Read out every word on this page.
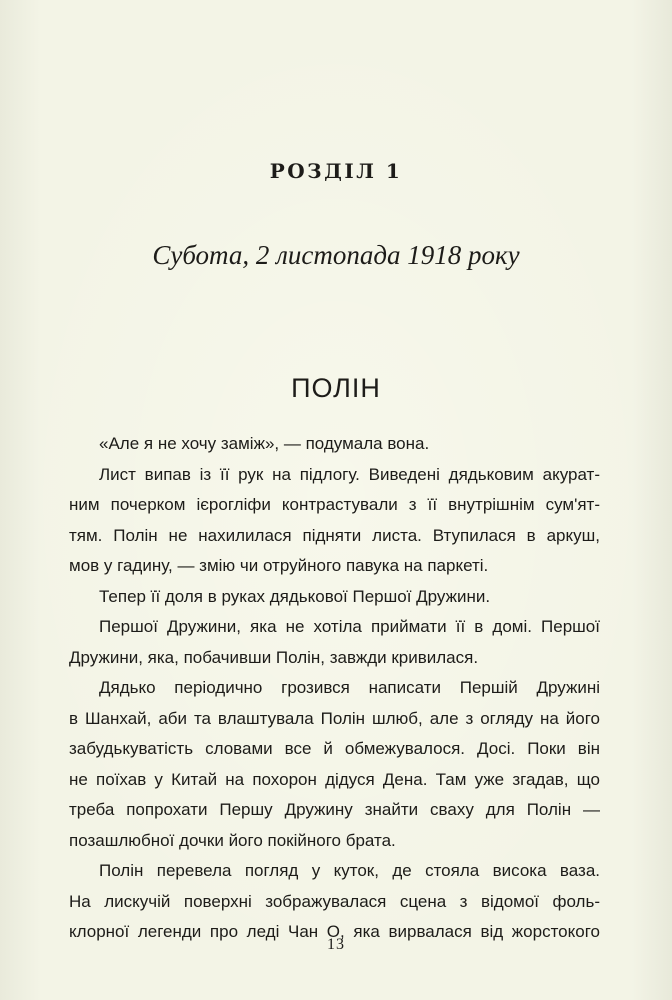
РОЗДІЛ 1
Субота, 2 листопада 1918 року
ПОЛІН

«Але я не хочу заміж», — подумала вона.

Лист випав із її рук на підлогу. Виведені дядьковим акурат-

ним почерком ієрогліфи контрастували з її внутрішнім сум'ят-

тям. Полін не нахилилася підняти листа. Втупилася в аркуш,

мов у гадину, — змію чи отруйного павука на паркеті.

Тепер її доля в руках дядькової Першої Дружини.

Першої Дружини, яка не хотіла приймати її в домі. Першої

Дружини, яка, побачивши Полін, завжди кривилася.

Дядько періодично грозився написати Першій Дружині

в Шанхай, аби та влаштувала Полін шлюб, але з огляду на його

забудькуватість словами все й обмежувалося. Досі. Поки він

не поїхав у Китай на похорон дідуся Дена. Там уже згадав, що

треба попрохати Першу Дружину знайти сваху для Полін —

позашлюбної дочки його покійного брата.

Полін перевела погляд у куток, де стояла висока ваза.

На лискучій поверхні зображувалася сцена з відомої фоль-

клорної легенди про леді Чан О, яка вирвалася від жорстокого

13
